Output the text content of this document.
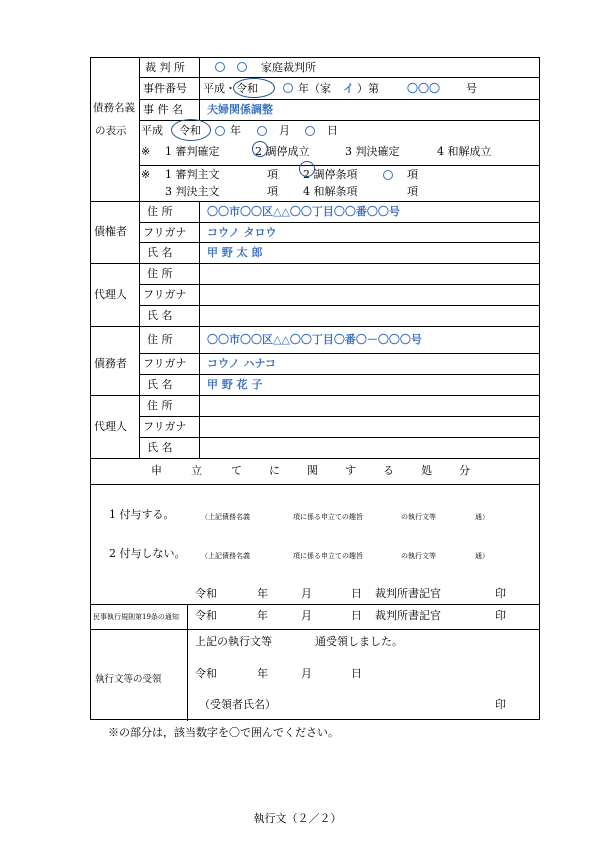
債務名義
の表示
裁 判 所	家庭裁判所
事件番号 平成・令和	年（家 イ ）第	〇〇〇 号
事 件 名 夫婦関係調整
平成 令和 ○ 年 ○ 月 ○ 日
※ 1 審判確定	2 調停成立	3 判決確定	4 和解成立
※ 1 審判主文	項 2 調停条項	項
3 判決主文	項 4 和解条項	項
債権者
住 所	〇〇市〇〇区△△〇〇丁目〇〇番〇〇号
フリガナ コウノ タロウ
氏 名	甲 野 太 郎
代理人
住 所
フリガナ
氏 名
債務者
住 所	〇〇市〇〇区△△〇〇丁目〇番〇－〇〇〇号
フリガナ コウノ ハナコ
氏 名	甲 野 花 子
代理人
住 所
フリガナ
氏 名
申	立	て に 関 す る 処 分
1 付与する。	（上記債務名義	項に係る申立ての趣旨	の執行文等	通）
2 付与しない。 （上記債務名義	項に係る申立ての趣旨	の執行文等	通）
令和	年	月	日 裁判所書記官	印
民事執行規則第19条の通知 令和	年	月	日 裁判所書記官	印
執行文等の受領
上記の執行文等	通受領しました。
令和	年	月	日
（受領者氏名）	印
※の部分は，該当数字を〇で囲んでください。
執行文（２／２）
